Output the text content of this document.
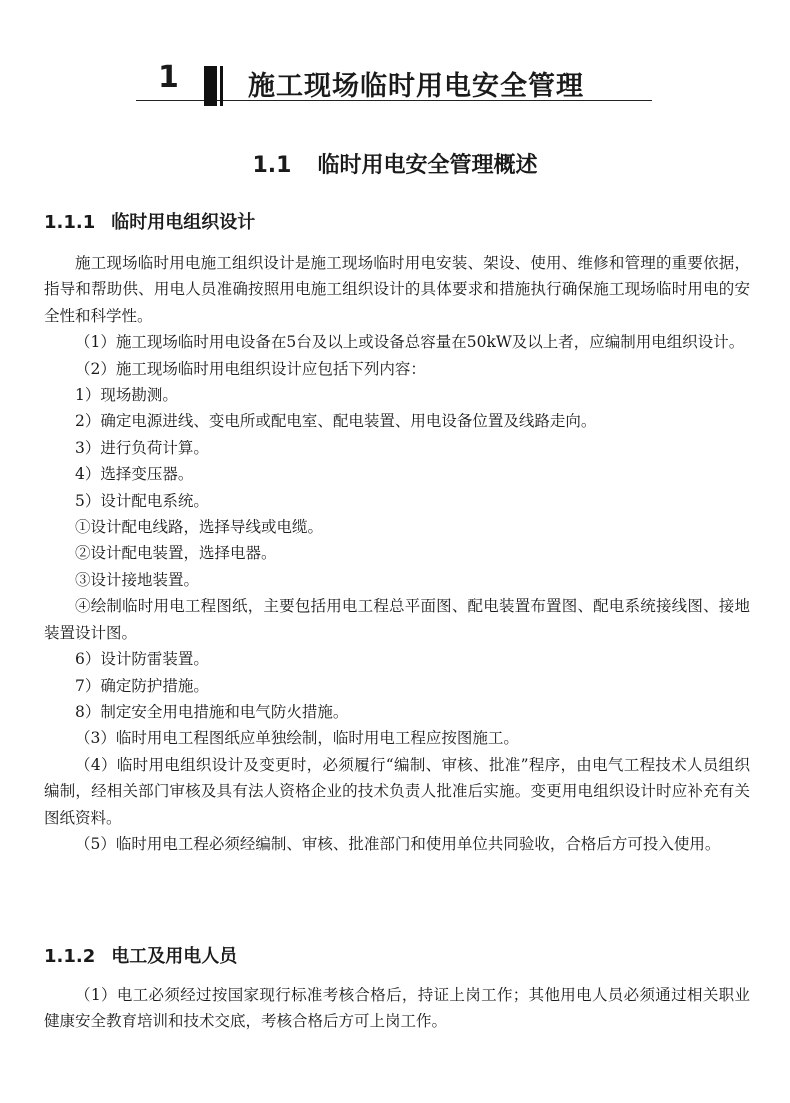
1	施工现场临时用电安全管理
1.1 临时用电安全管理概述
1.1.1 临时用电组织设计

施工现场临时用电施工组织设计是施工现场临时用电安装、架设、使用、维修和管理的重要依据，指导和帮助供、用电人员准确按照用电施工组织设计的具体要求和措施执行确保施工现场临时用电的安全性和科学性。

（1）施工现场临时用电设备在5台及以上或设备总容量在50kW及以上者，应编制用电组织设计。

（2）施工现场临时用电组织设计应包括下列内容：

1）现场勘测。

2）确定电源进线、变电所或配电室、配电装置、用电设备位置及线路走向。

3）进行负荷计算。

4）选择变压器。

5）设计配电系统。

①设计配电线路，选择导线或电缆。

②设计配电装置，选择电器。

③设计接地装置。

④绘制临时用电工程图纸，主要包括用电工程总平面图、配电装置布置图、配电系统接线图、接地装置设计图。

6）设计防雷装置。

7）确定防护措施。

8）制定安全用电措施和电气防火措施。

（3）临时用电工程图纸应单独绘制，临时用电工程应按图施工。

（4）临时用电组织设计及变更时，必须履行“编制、审核、批准”程序，由电气工程技术人员组织编制，经相关部门审核及具有法人资格企业的技术负责人批准后实施。变更用电组织设计时应补充有关图纸资料。

（5）临时用电工程必须经编制、审核、批准部门和使用单位共同验收，合格后方可投入使用。

1.1.2 电工及用电人员

（1）电工必须经过按国家现行标准考核合格后，持证上岗工作；其他用电人员必须通过相关职业健康安全教育培训和技术交底，考核合格后方可上岗工作。
